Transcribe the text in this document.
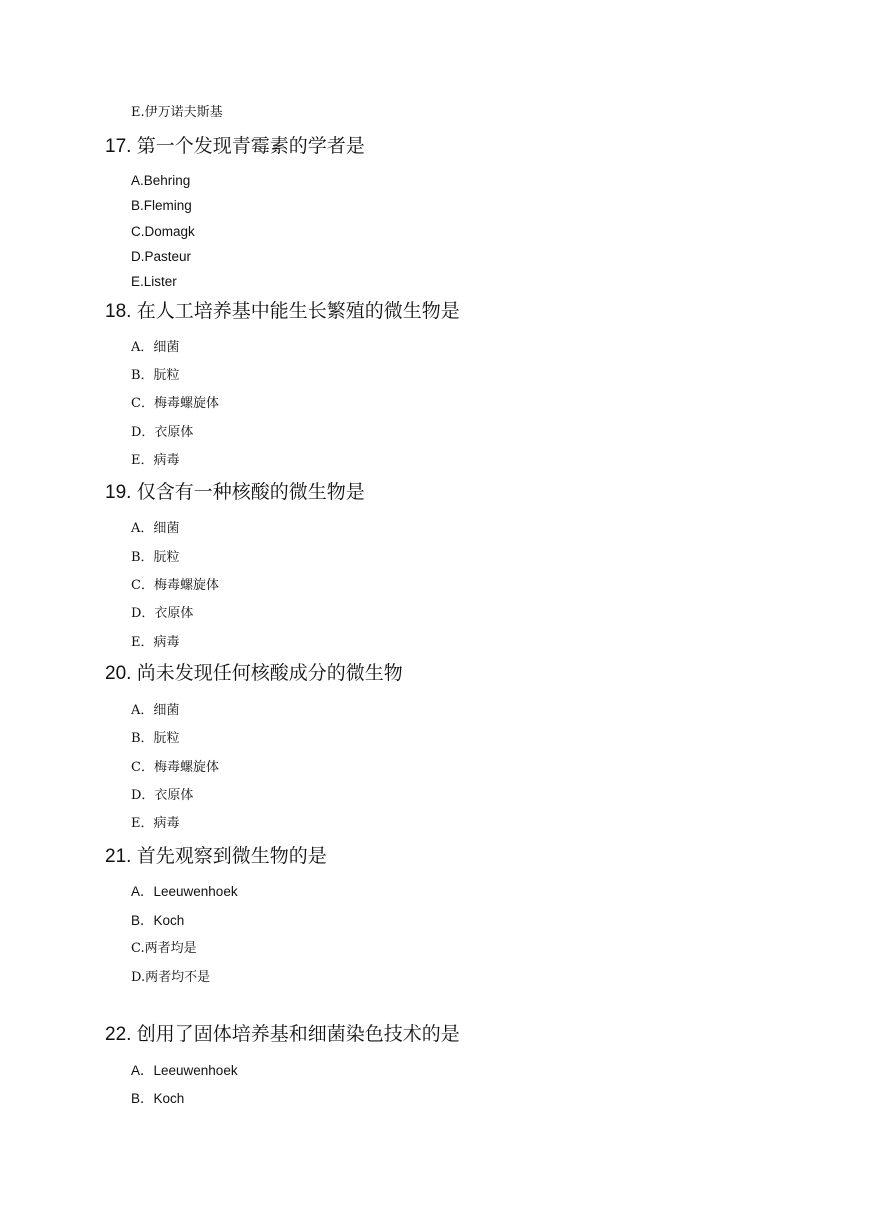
E.伊万诺夫斯基
17. 第一个发现青霉素的学者是
A.Behring
B.Fleming
C.Domagk
D.Pasteur
E.Lister
18. 在人工培养基中能生长繁殖的微生物是
A．细菌
B．朊粒
C．梅毒螺旋体
D．衣原体
E．病毒
19. 仅含有一种核酸的微生物是
A．细菌
B．朊粒
C．梅毒螺旋体
D．衣原体
E．病毒
20. 尚未发现任何核酸成分的微生物
A．细菌
B．朊粒
C．梅毒螺旋体
D．衣原体
E．病毒
21. 首先观察到微生物的是
A．Leeuwenhoek
B．Koch
C.两者均是
D.两者均不是
22. 创用了固体培养基和细菌染色技术的是
A．Leeuwenhoek
B．Koch
